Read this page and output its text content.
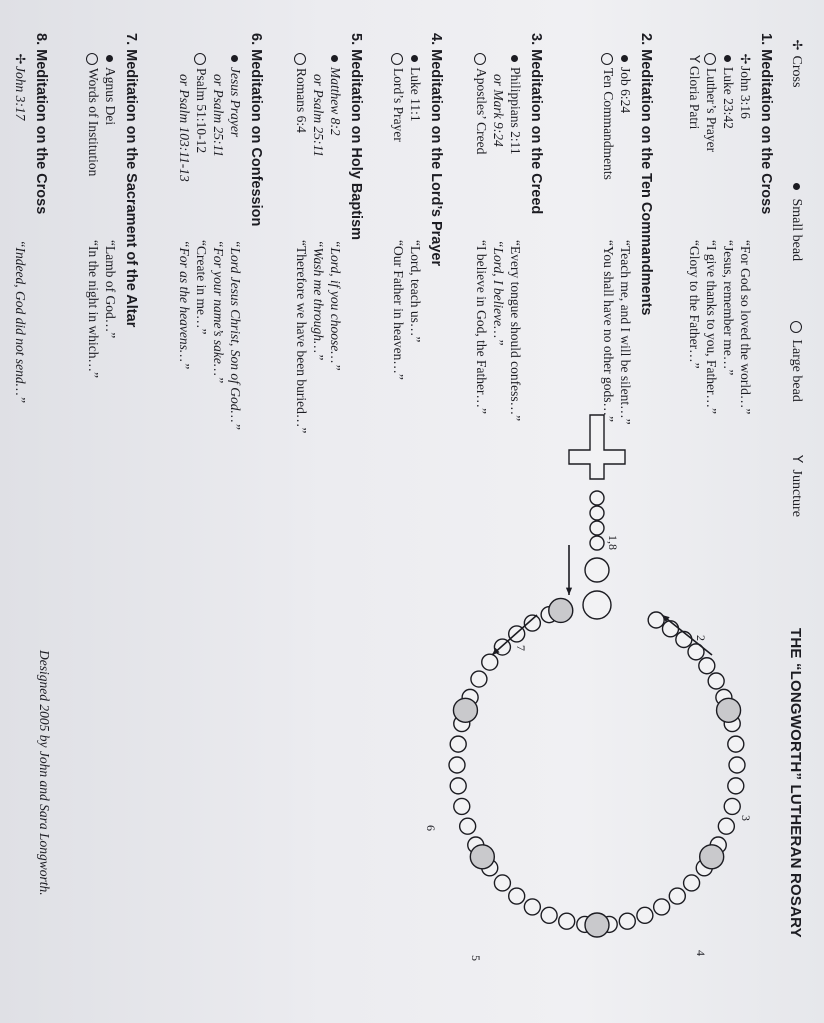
✢ Cross
Small bead
Large bead
Y Juncture
THE “LONGWORTH” LUTHERAN ROSARY
1. Meditation on the Cross
✢John 3:16
“For God so loved the world…”
Luke 23:42
“Jesus, remember me…”
Luther’s Prayer
“I give thanks to you, Father…”
YGloria Patri
“Glory to the Father…”
2. Meditation on the Ten Commandments
Job 6:24
“Teach me, and I will be silent…”
Ten Commandments
“You shall have no other gods…”
3. Meditation on the Creed
Philippians 2:11
“Every tongue should confess…”
or Mark 9:24
“Lord, I believe…”
Apostles’ Creed
“I believe in God, the Father…”
4. Meditation on the Lord’s Prayer
Luke 11:1
“Lord, teach us…”
Lord’s Prayer
“Our Father in heaven…”
5. Meditation on Holy Baptism
Matthew 8:2
“Lord, if you choose…”
or Psalm 25:11
“Wash me through…”
Romans 6:4
“Therefore we have been buried…”
6. Meditation on Confession
Jesus Prayer
“Lord Jesus Christ, Son of God…”
or Psalm 25:11
“For your name’s sake…”
Psalm 51:10-12
“Create in me…”
or Psalm 103:11-13
“For as the heavens…”
7. Meditation on the Sacrament of the Altar
Agnus Dei
“Lamb of God…”
Words of Institution
“In the night in which…”
8. Meditation on the Cross
✢John 3:17
“Indeed, God did not send…”
1,8
2
3
4
5
6
7
Designed 2005 by John and Sara Longworth.
